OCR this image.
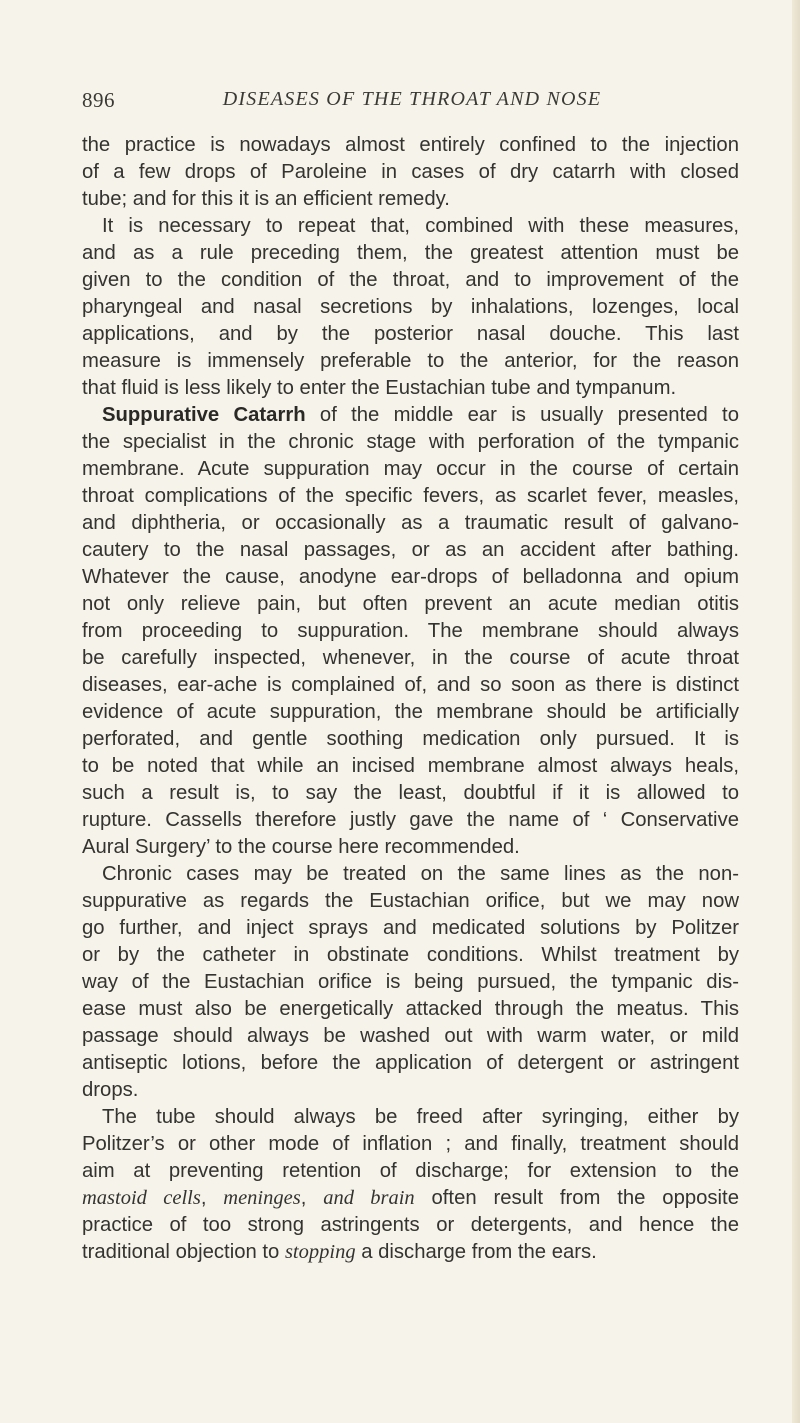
896	DISEASES OF THE THROAT AND NOSE
the practice is nowadays almost entirely confined to the injection
of a few drops of Paroleine in cases of dry catarrh with closed
tube; and for this it is an efficient remedy.
It is necessary to repeat that, combined with these measures,
and as a rule preceding them, the greatest attention must be
given to the condition of the throat, and to improvement of the
pharyngeal and nasal secretions by inhalations, lozenges, local
applications, and by the posterior nasal douche. This last
measure is immensely preferable to the anterior, for the reason
that fluid is less likely to enter the Eustachian tube and tympanum.
Suppurative Catarrh of the middle ear is usually presented to
the specialist in the chronic stage with perforation of the tympanic
membrane. Acute suppuration may occur in the course of certain
throat complications of the specific fevers, as scarlet fever, measles,
and diphtheria, or occasionally as a traumatic result of galvano-
cautery to the nasal passages, or as an accident after bathing.
Whatever the cause, anodyne ear-drops of belladonna and opium
not only relieve pain, but often prevent an acute median otitis
from proceeding to suppuration. The membrane should always
be carefully inspected, whenever, in the course of acute throat
diseases, ear-ache is complained of, and so soon as there is distinct
evidence of acute suppuration, the membrane should be artificially
perforated, and gentle soothing medication only pursued. It is
to be noted that while an incised membrane almost always heals,
such a result is, to say the least, doubtful if it is allowed to
rupture. Cassells therefore justly gave the name of ‘ Conservative
Aural Surgery’ to the course here recommended.
Chronic cases may be treated on the same lines as the non-
suppurative as regards the Eustachian orifice, but we may now
go further, and inject sprays and medicated solutions by Politzer
or by the catheter in obstinate conditions. Whilst treatment by
way of the Eustachian orifice is being pursued, the tympanic dis-
ease must also be energetically attacked through the meatus. This
passage should always be washed out with warm water, or mild
antiseptic lotions, before the application of detergent or astringent
drops.
The tube should always be freed after syringing, either by
Politzer’s or other mode of inflation ; and finally, treatment should
aim at preventing retention of discharge; for extension to the
mastoid cells, meninges, and brain often result from the opposite
practice of too strong astringents or detergents, and hence the
traditional objection to stopping a discharge from the ears.
